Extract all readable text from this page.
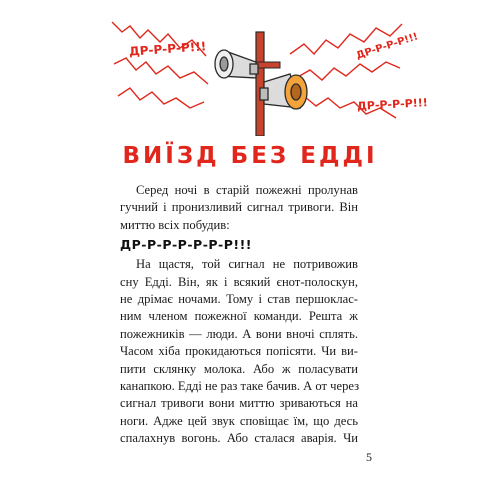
ДР-Р-Р-Р!!!	ДР-Р-Р-Р!!!
ДР-Р-Р-Р!!!
ВИЇЗД БЕЗ ЕДДІ
Серед ночі в старій пожежні пролунав
гучний і пронизливий сигнал тривоги. Він
миттю всіх побудив:
ДР-Р-Р-Р-Р-Р-Р!!!
На щастя, той сигнал не потривожив
сну Едді. Він, як і всякий єнот-полоскун,
не дрімає ночами. Тому і став першоклас-
ним членом пожежної команди. Решта ж
пожежників — люди. А вони вночі сплять.
Часом хіба прокидаються попісяти. Чи ви-
пити склянку молока. Або ж поласувати
канапкою. Едді не раз таке бачив. А от через
сигнал тривоги вони миттю зриваються на
ноги. Адже цей звук сповіщає їм, що десь
спалахнув вогонь. Або сталася аварія. Чи
5
